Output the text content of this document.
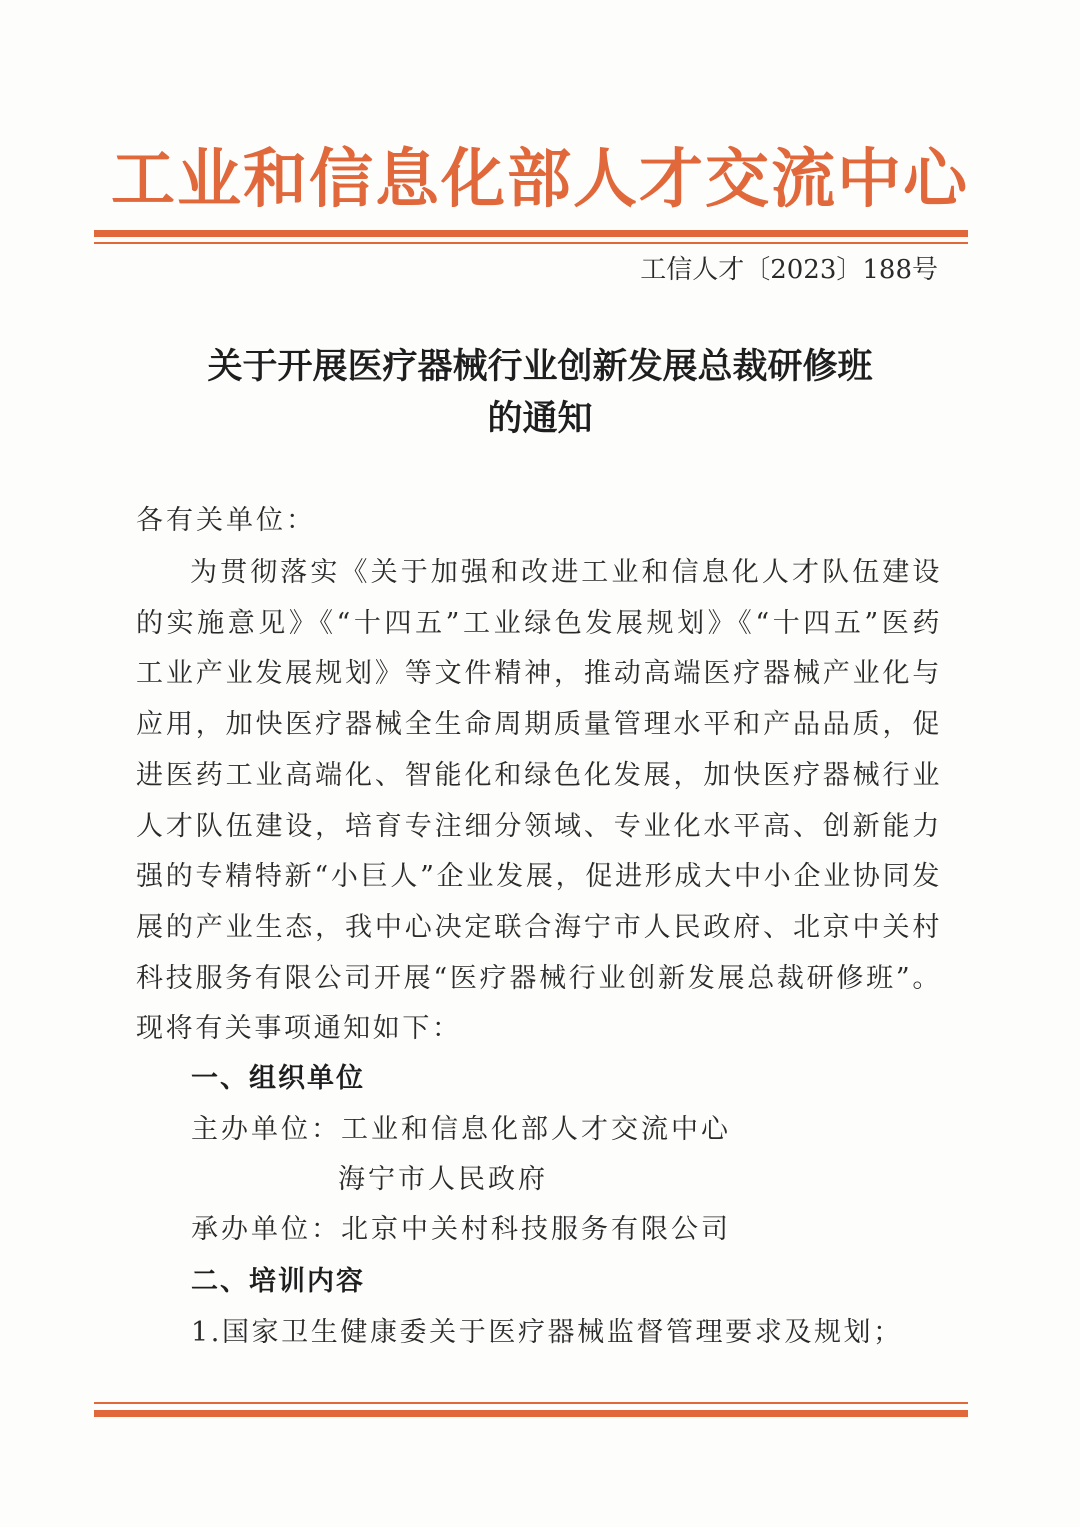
工业和信息化部人才交流中心
工信人才〔2023〕188号
关于开展医疗器械行业创新发展总裁研修班
的通知
各有关单位：
为贯彻落实《关于加强和改进工业和信息化人才队伍建设的实施意见》《“十四五”工业绿色发展规划》《“十四五”医药工业产业发展规划》等文件精神，推动高端医疗器械产业化与应用，加快医疗器械全生命周期质量管理水平和产品品质，促进医药工业高端化、智能化和绿色化发展，加快医疗器械行业人才队伍建设，培育专注细分领域、专业化水平高、创新能力强的专精特新“小巨人”企业发展，促进形成大中小企业协同发展的产业生态，我中心决定联合海宁市人民政府、北京中关村科技服务有限公司开展“医疗器械行业创新发展总裁研修班”。现将有关事项通知如下：
一、组织单位
主办单位：工业和信息化部人才交流中心
海宁市人民政府
承办单位：北京中关村科技服务有限公司
二、培训内容
1.国家卫生健康委关于医疗器械监督管理要求及规划；
